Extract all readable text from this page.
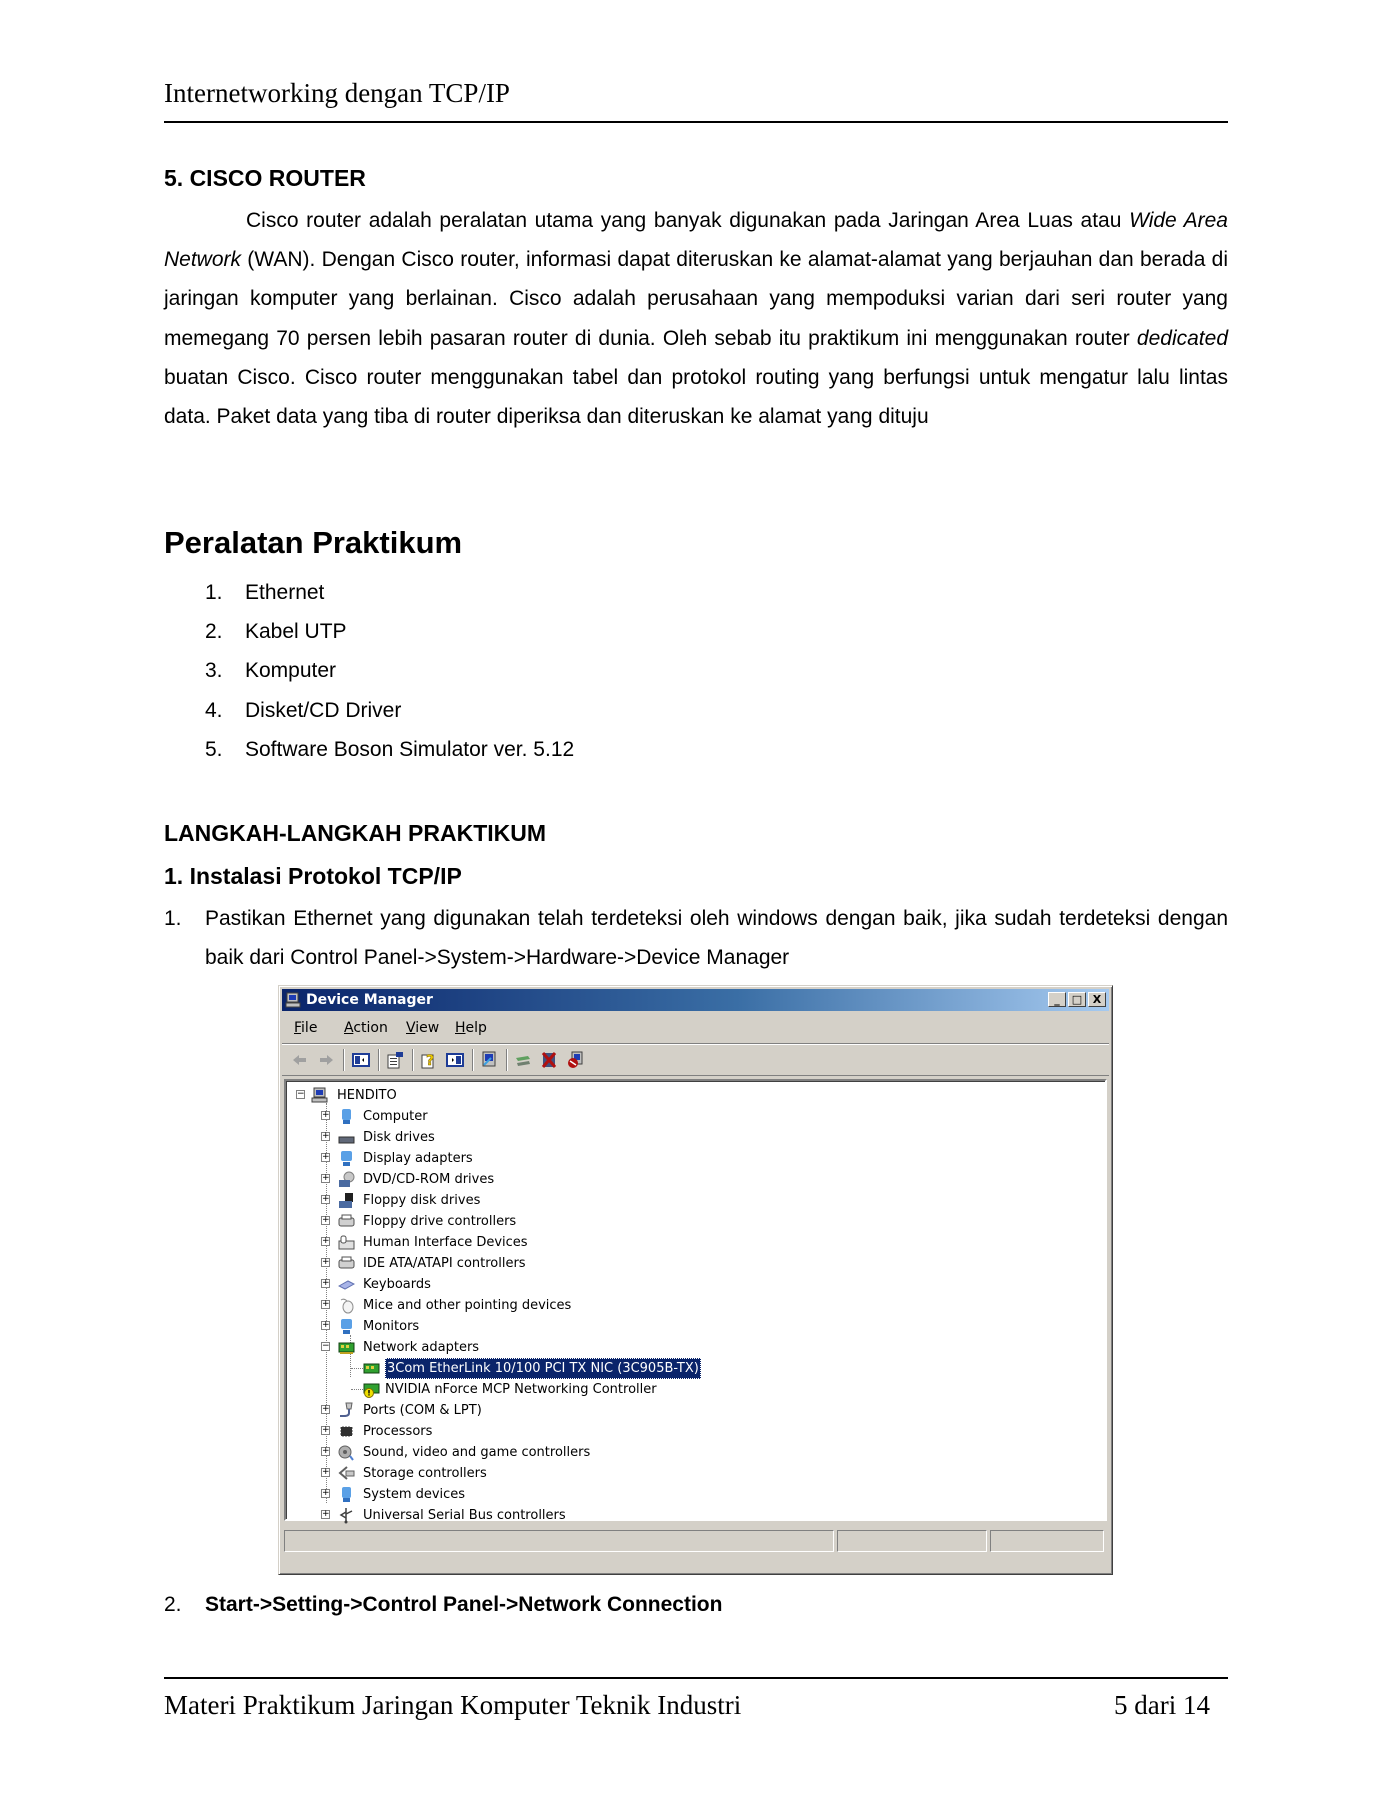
Internetworking dengan TCP/IP
5. CISCO ROUTER
Cisco router adalah peralatan utama yang banyak digunakan pada Jaringan Area Luas atau Wide Area Network (WAN). Dengan Cisco router, informasi dapat diteruskan ke alamat-alamat yang berjauhan dan berada di jaringan komputer yang berlainan. Cisco adalah perusahaan yang mempoduksi varian dari seri router yang memegang 70 persen lebih pasaran router di dunia. Oleh sebab itu praktikum ini menggunakan router dedicated buatan Cisco. Cisco router menggunakan tabel dan protokol routing yang berfungsi untuk mengatur lalu lintas data. Paket data yang tiba di router diperiksa dan diteruskan ke alamat yang dituju
Peralatan Praktikum
1. Ethernet
2. Kabel UTP
3. Komputer
4. Disket/CD Driver
5. Software Boson Simulator ver. 5.12
LANGKAH-LANGKAH PRAKTIKUM
1. Instalasi Protokol TCP/IP
1. Pastikan Ethernet yang digunakan telah terdeteksi oleh windows dengan baik, jika sudah terdeteksi dengan baik dari Control Panel->System->Hardware->Device Manager
Device Manager	_	□ X
File Action View Help
?
− HENDITO
+	Computer
+	Disk drives
+	Display adapters
+	DVD/CD-ROM drives
+	Floppy disk drives
+	Floppy drive controllers
+	Human Interface Devices
+	IDE ATA/ATAPI controllers
+	Keyboards
+	Mice and other pointing devices
+	Monitors
−	Network adapters
3Com EtherLink 10/100 PCI TX NIC (3C905B-TX)
NVIDIA nForce MCP Networking Controller
+	Ports (COM & LPT)
+	Processors
+	Sound, video and game controllers
+	Storage controllers
+	System devices
+	Universal Serial Bus controllers
2. Start->Setting->Control Panel->Network Connection
Materi Praktikum Jaringan Komputer Teknik Industri	5 dari 14
